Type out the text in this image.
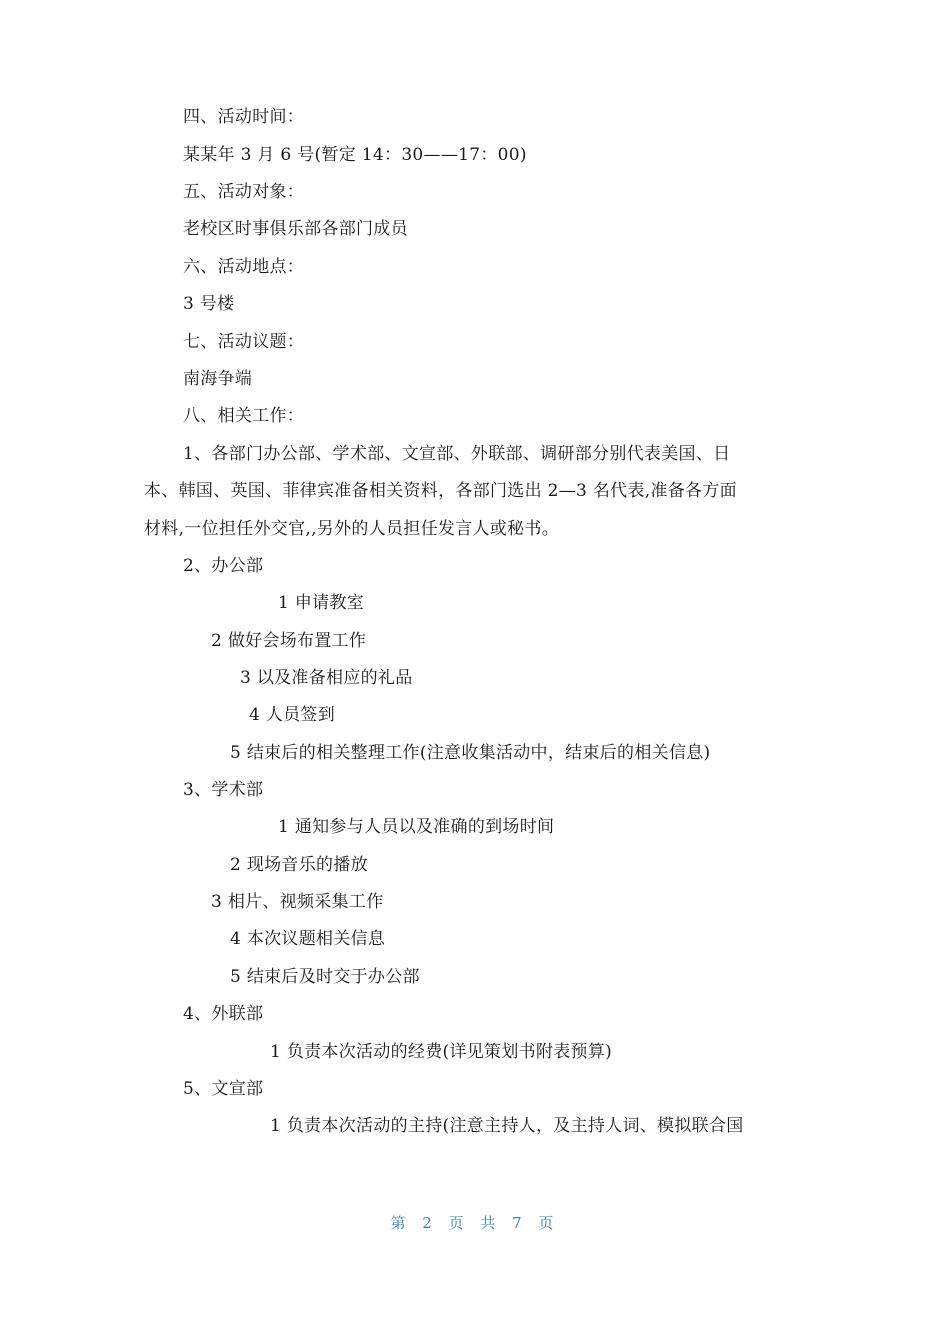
四、活动时间：
某某年 3 月 6 号(暂定 14：30——17：00)
五、活动对象：
老校区时事俱乐部各部门成员
六、活动地点：
3 号楼
七、活动议题：
南海争端
八、相关工作：
1、各部门办公部、学术部、文宣部、外联部、调研部分别代表美国、日
本、韩国、英国、菲律宾准备相关资料，各部门选出 2—3 名代表,准备各方面
材料,一位担任外交官,,另外的人员担任发言人或秘书。
2、办公部
1 申请教室
2 做好会场布置工作
3 以及准备相应的礼品
4 人员签到
5 结束后的相关整理工作(注意收集活动中，结束后的相关信息)
3、学术部
1 通知参与人员以及准确的到场时间
2 现场音乐的播放
3 相片、视频采集工作
4 本次议题相关信息
5 结束后及时交于办公部
4、外联部
1 负责本次活动的经费(详见策划书附表预算)
5、文宣部
1 负责本次活动的主持(注意主持人，及主持人词、模拟联合国
第 2 页 共 7 页
